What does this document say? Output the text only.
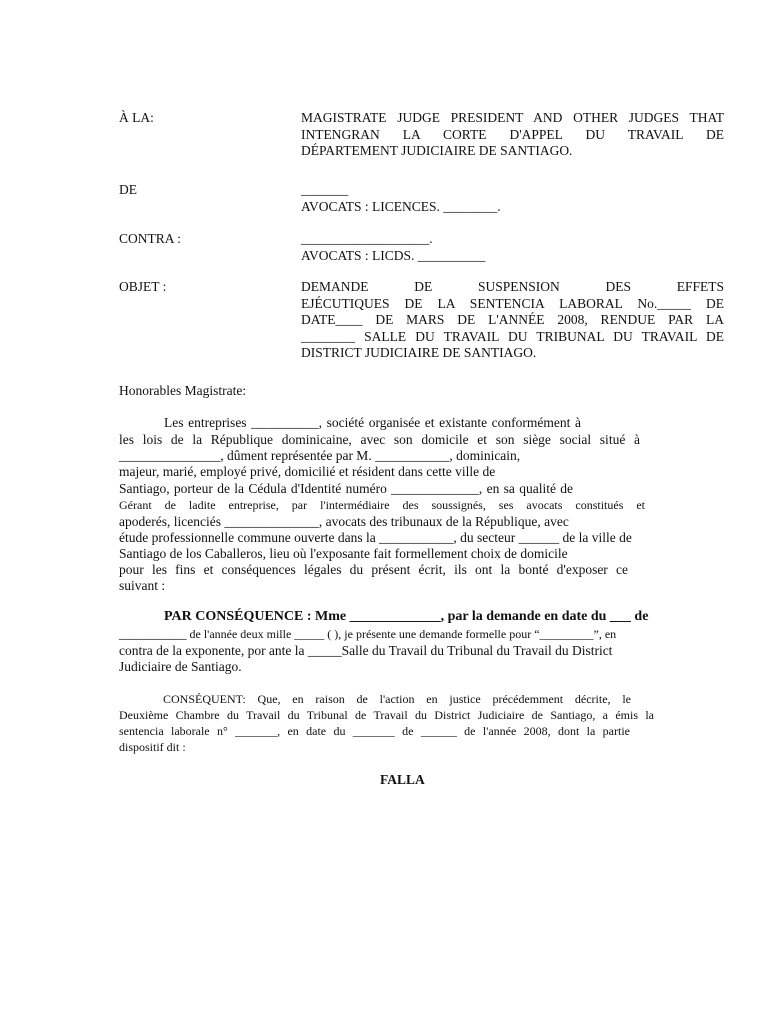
À LA:	MAGISTRATE JUDGE PRESIDENT AND OTHER JUDGES THAT
INTENGRAN LA CORTE D'APPEL DU TRAVAIL DE
DÉPARTEMENT JUDICIAIRE DE SANTIAGO.
DE	_______
AVOCATS : LICENCES. ________.
CONTRA :	___________________.
AVOCATS : LICDS. __________
OBJET :	DEMANDE DE SUSPENSION DES EFFETS
EJÉCUTIQUES DE LA SENTENCIA LABORAL No._____ DE
DATE____ DE MARS DE L'ANNÉE 2008, RENDUE PAR LA
________ SALLE DU TRAVAIL DU TRIBUNAL DU TRAVAIL DE
DISTRICT JUDICIAIRE DE SANTIAGO.
Honorables Magistrate:
Les entreprises __________, société organisée et existante conformément à
les lois de la République dominicaine, avec son domicile et son siège social situé à
_______________, dûment représentée par M. ___________, dominicain,
majeur, marié, employé privé, domicilié et résident dans cette ville de
Santiago, porteur de la Cédula d'Identité numéro _____________, en sa qualité de
Gérant de ladite entreprise, par l'intermédiaire des soussignés, ses avocats constitués et
apoderés, licenciés ______________, avocats des tribunaux de la République, avec
étude professionnelle commune ouverte dans la ___________, du secteur ______ de la ville de
Santiago de los Caballeros, lieu où l'exposante fait formellement choix de domicile
pour les fins et conséquences légales du présent écrit, ils ont la bonté d'exposer ce
suivant :
PAR CONSÉQUENCE : Mme _____________, par la demande en date du ___ de
__________ de l'année deux mille _____ ( ), je présente une demande formelle pour “_________”, en
contra de la exponente, por ante la _____Salle du Travail du Tribunal du Travail du District
Judiciaire de Santiago.
CONSÉQUENT: Que, en raison de l'action en justice précédemment décrite, le
Deuxième Chambre du Travail du Tribunal de Travail du District Judiciaire de Santiago, a émis la
sentencia laborale n° _______, en date du _______ de ______ de l'année 2008, dont la partie
dispositif dit :
FALLA
